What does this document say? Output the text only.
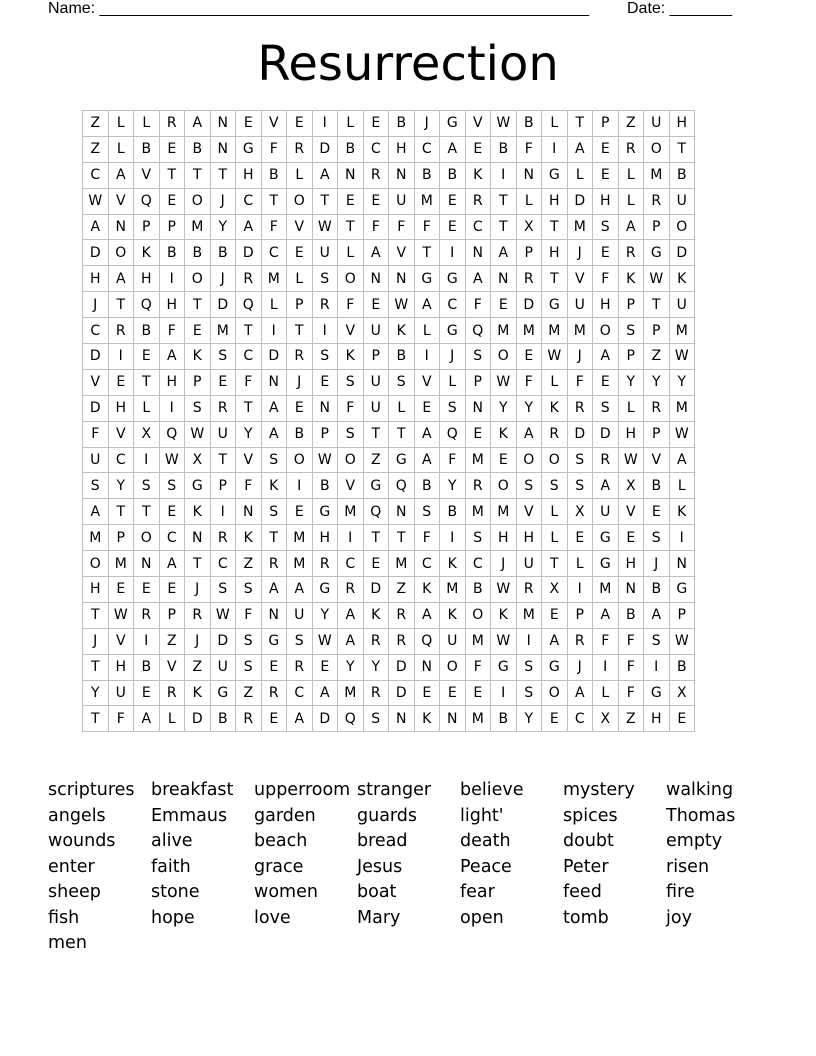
Name: _______________________________________________________ Date: _______
Resurrection
Z	L	L	R	A	N	E	V	E	I	L	E	B	J	G	V	W	B	L	T	P	Z	U	H
Z	L	B	E	B	N	G	F	R	D	B	C	H	C	A	E	B	F	I	A	E	R	O	T
C	A	V	T	T	T	H	B	L	A	N	R	N	B	B	K	I	N	G	L	E	L	M	B
W	V	Q	E	O	J	C	T	O	T	E	E	U	M	E	R	T	L	H	D	H	L	R	U
A	N	P	P	M	Y	A	F	V	W	T	F	F	F	E	C	T	X	T	M	S	A	P	O
D	O	K	B	B	B	D	C	E	U	L	A	V	T	I	N	A	P	H	J	E	R	G	D
H	A	H	I	O	J	R	M	L	S	O	N	N	G	G	A	N	R	T	V	F	K	W	K
J	T	Q	H	T	D	Q	L	P	R	F	E	W	A	C	F	E	D	G	U	H	P	T	U
C	R	B	F	E	M	T	I	T	I	V	U	K	L	G	Q	M	M	M	M	O	S	P	M
D	I	E	A	K	S	C	D	R	S	K	P	B	I	J	S	O	E	W	J	A	P	Z	W
V	E	T	H	P	E	F	N	J	E	S	U	S	V	L	P	W	F	L	F	E	Y	Y	Y
D	H	L	I	S	R	T	A	E	N	F	U	L	E	S	N	Y	Y	K	R	S	L	R	M
F	V	X	Q	W	U	Y	A	B	P	S	T	T	A	Q	E	K	A	R	D	D	H	P	W
U	C	I	W	X	T	V	S	O	W	O	Z	G	A	F	M	E	O	O	S	R	W	V	A
S	Y	S	S	G	P	F	K	I	B	V	G	Q	B	Y	R	O	S	S	S	A	X	B	L
A	T	T	E	K	I	N	S	E	G	M	Q	N	S	B	M	M	V	L	X	U	V	E	K
M	P	O	C	N	R	K	T	M	H	I	T	T	F	I	S	H	H	L	E	G	E	S	I
O	M	N	A	T	C	Z	R	M	R	C	E	M	C	K	C	J	U	T	L	G	H	J	N
H	E	E	E	J	S	S	A	A	G	R	D	Z	K	M	B	W	R	X	I	M	N	B	G
T	W	R	P	R	W	F	N	U	Y	A	K	R	A	K	O	K	M	E	P	A	B	A	P
J	V	I	Z	J	D	S	G	S	W	A	R	R	Q	U	M	W	I	A	R	F	F	S	W
T	H	B	V	Z	U	S	E	R	E	Y	Y	D	N	O	F	G	S	G	J	I	F	I	B
Y	U	E	R	K	G	Z	R	C	A	M	R	D	E	E	E	I	S	O	A	L	F	G	X
T	F	A	L	D	B	R	E	A	D	Q	S	N	K	N	M	B	Y	E	C	X	Z	H	E
scriptures breakfast upperroom stranger believe mystery walking
angels	Emmaus garden guards light'	spices	Thomas
wounds alive	beach	bread	death	doubt	empty
enter	faith	grace	Jesus	Peace	Peter	risen
sheep	stone	women boat	fear	feed	fire
fish	hope	love	Mary	open	tomb	joy
men
